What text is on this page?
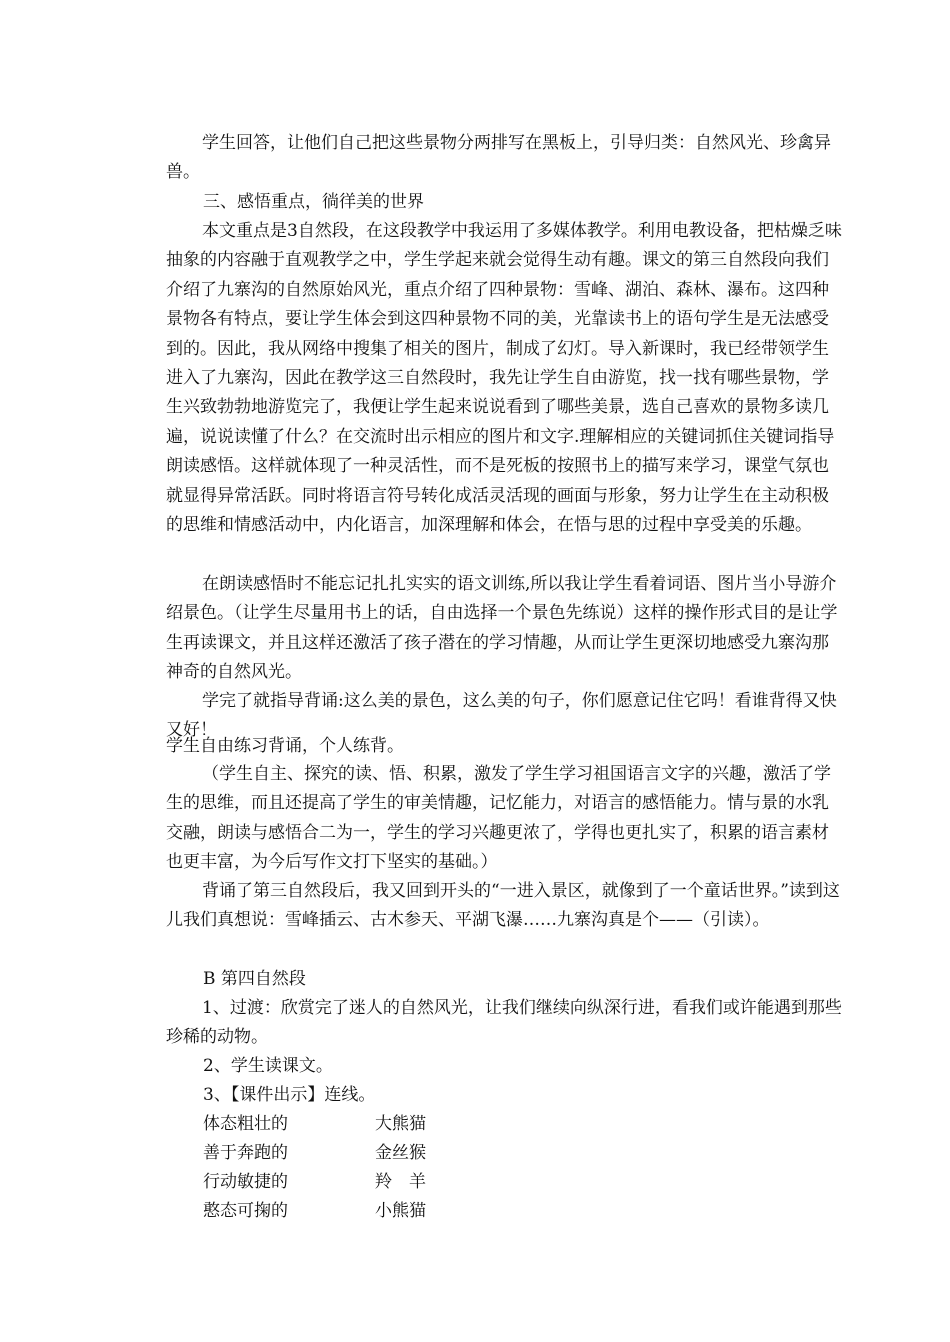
学生回答，让他们自己把这些景物分两排写在黑板上，引导归类：自然风光、珍禽异兽。

三、感悟重点，徜徉美的世界

本文重点是3自然段，在这段教学中我运用了多媒体教学。利用电教设备，把枯燥乏味抽象的内容融于直观教学之中，学生学起来就会觉得生动有趣。课文的第三自然段向我们介绍了九寨沟的自然原始风光，重点介绍了四种景物：雪峰、湖泊、森林、瀑布。这四种景物各有特点，要让学生体会到这四种景物不同的美，光靠读书上的语句学生是无法感受到的。因此，我从网络中搜集了相关的图片，制成了幻灯。导入新课时，我已经带领学生进入了九寨沟，因此在教学这三自然段时，我先让学生自由游览，找一找有哪些景物，学生兴致勃勃地游览完了，我便让学生起来说说看到了哪些美景，选自己喜欢的景物多读几遍，说说读懂了什么？在交流时出示相应的图片和文字.理解相应的关键词抓住关键词指导朗读感悟。这样就体现了一种灵活性，而不是死板的按照书上的描写来学习，课堂气氛也就显得异常活跃。同时将语言符号转化成活灵活现的画面与形象，努力让学生在主动积极的思维和情感活动中，内化语言，加深理解和体会，在悟与思的过程中享受美的乐趣。

在朗读感悟时不能忘记扎扎实实的语文训练,所以我让学生看着词语、图片当小导游介绍景色。（让学生尽量用书上的话，自由选择一个景色先练说）这样的操作形式目的是让学生再读课文，并且这样还激活了孩子潜在的学习情趣，从而让学生更深切地感受九寨沟那神奇的自然风光。

学完了就指导背诵:这么美的景色，这么美的句子，你们愿意记住它吗！看谁背得又快又好！

学生自由练习背诵，个人练背。

（学生自主、探究的读、悟、积累，激发了学生学习祖国语言文字的兴趣，激活了学生的思维，而且还提高了学生的审美情趣，记忆能力，对语言的感悟能力。情与景的水乳交融，朗读与感悟合二为一，学生的学习兴趣更浓了，学得也更扎实了，积累的语言素材也更丰富，为今后写作文打下坚实的基础。）

背诵了第三自然段后，我又回到开头的“一进入景区，就像到了一个童话世界。”读到这儿我们真想说：雪峰插云、古木参天、平湖飞瀑……九寨沟真是个——（引读）。

B 第四自然段

1、过渡：欣赏完了迷人的自然风光，让我们继续向纵深行进，看我们或许能遇到那些珍稀的动物。

2、学生读课文。

3、【课件出示】连线。

体态粗壮的	大熊猫
善于奔跑的	金丝猴
行动敏捷的	羚　羊
憨态可掬的	小熊猫
